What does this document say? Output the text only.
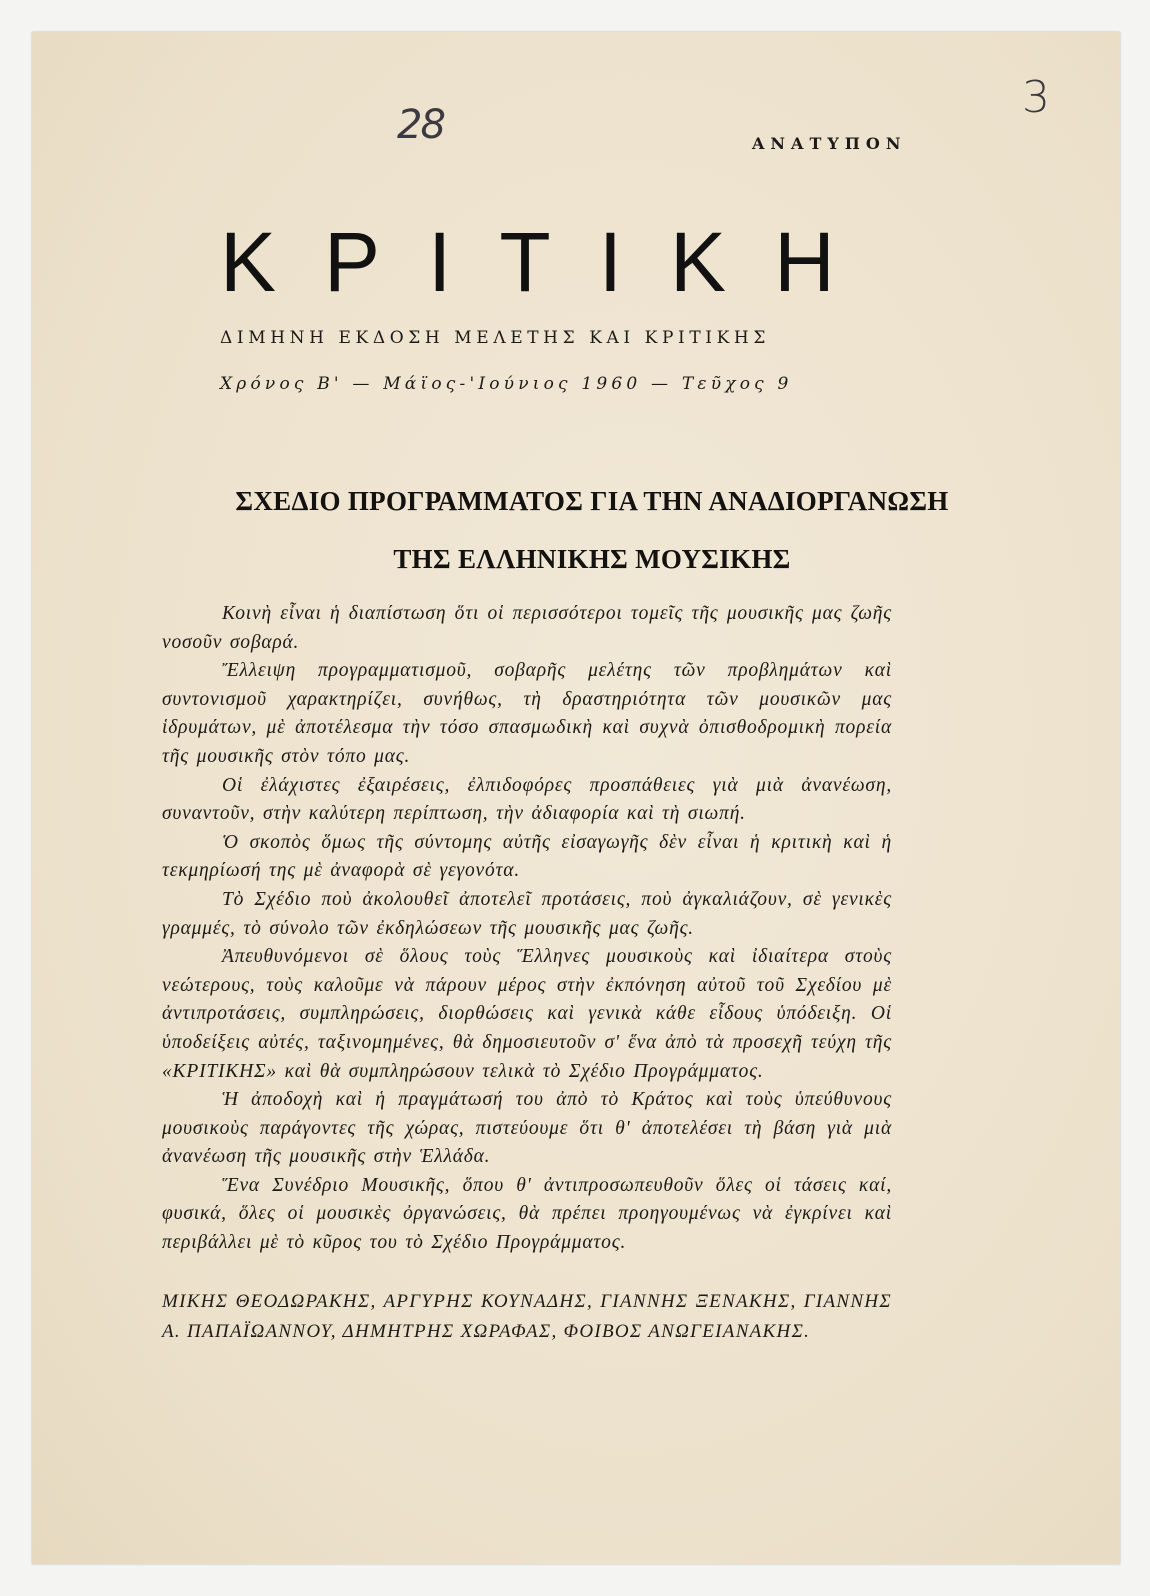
28
3
ΑΝΑΤΥΠΟΝ
ΚΡΙΤΙΚΗ
ΔΙΜΗΝΗ ΕΚΔΟΣΗ ΜΕΛΕΤΗΣ ΚΑΙ ΚΡΙΤΙΚΗΣ
Χρόνος Β' — Μάϊος-'Ιούνιος 1960 — Τεῦχος 9
ΣΧΕΔΙΟ ΠΡΟΓΡΑΜΜΑΤΟΣ ΓΙΑ ΤΗΝ ΑΝΑΔΙΟΡΓΑΝΩΣΗ
ΤΗΣ ΕΛΛΗΝΙΚΗΣ ΜΟΥΣΙΚΗΣ

Κοινὴ εἶναι ἡ διαπίστωση ὅτι οἱ περισσότεροι τομεῖς τῆς μουσικῆς μας ζωῆς νοσοῦν σοβαρά.

Ἔλλειψη προγραμματισμοῦ, σοβαρῆς μελέτης τῶν προβλημάτων καὶ συντονισμοῦ χαρακτηρίζει, συνήθως, τὴ δραστηριότητα τῶν μουσικῶν μας ἱδρυμάτων, μὲ ἀποτέλεσμα τὴν τόσο σπασμωδικὴ καὶ συχνὰ ὀπισθοδρομικὴ πορεία τῆς μουσικῆς στὸν τόπο μας.

Οἱ ἐλάχιστες ἐξαιρέσεις, ἐλπιδοφόρες προσπάθειες γιὰ μιὰ ἀνανέωση, συναντοῦν, στὴν καλύτερη περίπτωση, τὴν ἀδιαφορία καὶ τὴ σιωπή.

Ὁ σκοπὸς ὅμως τῆς σύντομης αὐτῆς εἰσαγωγῆς δὲν εἶναι ἡ κριτικὴ καὶ ἡ τεκμηρίωσή της μὲ ἀναφορὰ σὲ γεγονότα.

Τὸ Σχέδιο ποὺ ἀκολουθεῖ ἀποτελεῖ προτάσεις, ποὺ ἀγκαλιάζουν, σὲ γενικὲς γραμμές, τὸ σύνολο τῶν ἐκδηλώσεων τῆς μουσικῆς μας ζωῆς.

Ἀπευθυνόμενοι σὲ ὅλους τοὺς Ἕλληνες μουσικοὺς καὶ ἰδιαίτερα στοὺς νεώτερους, τοὺς καλοῦμε νὰ πάρουν μέρος στὴν ἐκπόνηση αὐτοῦ τοῦ Σχεδίου μὲ ἀντιπροτάσεις, συμπληρώσεις, διορθώσεις καὶ γενικὰ κάθε εἶδους ὑπόδειξη. Οἱ ὑποδείξεις αὐτές, ταξινομημένες, θὰ δημοσιευτοῦν σ' ἕνα ἀπὸ τὰ προσεχῆ τεύχη τῆς «ΚΡΙΤΙΚΗΣ» καὶ θὰ συμπληρώσουν τελικὰ τὸ Σχέδιο Προγράμματος.

Ἡ ἀποδοχὴ καὶ ἡ πραγμάτωσή του ἀπὸ τὸ Κράτος καὶ τοὺς ὑπεύθυνους μουσικοὺς παράγοντες τῆς χώρας, πιστεύουμε ὅτι θ' ἀποτελέσει τὴ βάση γιὰ μιὰ ἀνανέωση τῆς μουσικῆς στὴν Ἑλλάδα.

Ἕνα Συνέδριο Μουσικῆς, ὅπου θ' ἀντιπροσωπευθοῦν ὅλες οἱ τάσεις καί, φυσικά, ὅλες οἱ μουσικὲς ὀργανώσεις, θὰ πρέπει προηγουμένως νὰ ἐγκρίνει καὶ περιβάλλει μὲ τὸ κῦρος του τὸ Σχέδιο Προγράμματος.

ΜΙΚΗΣ ΘΕΟΔΩΡΑΚΗΣ, ΑΡΓΥΡΗΣ ΚΟΥΝΑΔΗΣ, ΓΙΑΝΝΗΣ ΞΕΝΑΚΗΣ, ΓΙΑΝΝΗΣ Α. ΠΑΠΑΪΩΑΝΝΟΥ, ΔΗΜΗΤΡΗΣ ΧΩΡΑΦΑΣ, ΦΟΙΒΟΣ ΑΝΩΓΕΙΑΝΑΚΗΣ.
